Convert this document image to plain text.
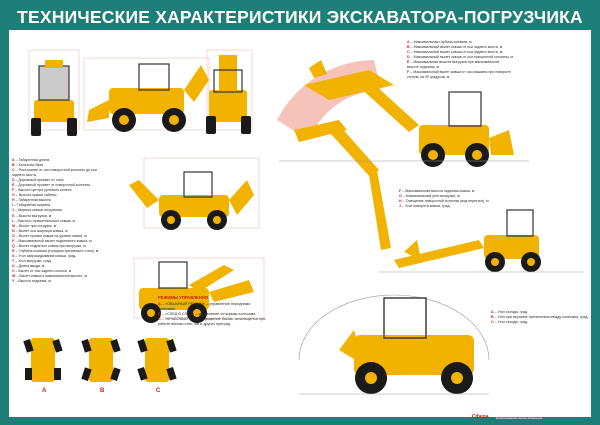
ТЕХНИЧЕСКИЕ ХАРАКТЕРИСТИКИ ЭКСКАВАТОРА-ПОГРУЗЧИКА
A – Максимальная глубина копания, м
B – Максимальный вылет ковша от оси заднего моста, м
C – Максимальный вылет ковша от оси заднего моста, м
D – Максимальный вылет ковша от оси поворотной колонны, м
E – Максимальная высота выгрузки при максимальной
высоте подъема, м
F – Максимальный вылет ковша от оси машины при повороте
стрелы на 90 градусов, м
A – Габаритная длина
B – Колесная база
C – Расстояние от оси поворотной колонны до оси
заднего моста
D – Дорожный просвет от опор
E – Дорожный просвет от поворотной колонны
F – Высота центра рулевого колеса
G – Высота крыши кабины
H – Габаритная высота
I – Габаритная ширина
J – Ширина ковша погрузчика
K – Высота выгрузки, м
L – Высота горизонтального ковша, м
M – Вылет при погрузке, м
N – Вылет оси шарнира ковша, м
O – Вылет кромки ковша на уровне земли, м
P – Максимальный вылет подъемного ковша, м
Q – Вылет поднятого ковша при выгрузке, м
R – Глубина копания (толщина срезаемого слоя), м
S – Угол запрокидывания ковша, град.
T – Угол выгрузки, град.
U – Длина ввода, м
V – Вылет от оси заднего колеса, м
W – Вылет ковша в максимальной высоте, м
Y – Высота подъема, м
F – Максимальная высота подъема ковша, м
G – Максимальный угол выгрузки, м
H – Смещение поворотной колонны (вод перетяги), м
J – Угол поворота ковша, град.
A – Угол съезда, град.
B – Угол при вершине препятствия между колесами, град.
C – Угол съезда, град.
РЕЖИМЫ УПРАВЛЕНИЯ
A – «ОБЫЧНЫЙ РЕЖИМ» – управление передними колесами
B – «СЛЕД В СЛЕД» – управление четырьмя колесами
C – «КРАБОВЫЙ ХОД» – движение боком, используется при работе вблизи стен, ям и других преград
A	B	C
Сфера	© Издательство «Сфера» Москва. Все права защищены. При перепечатке и воспроизведении ссылка обязательна.
